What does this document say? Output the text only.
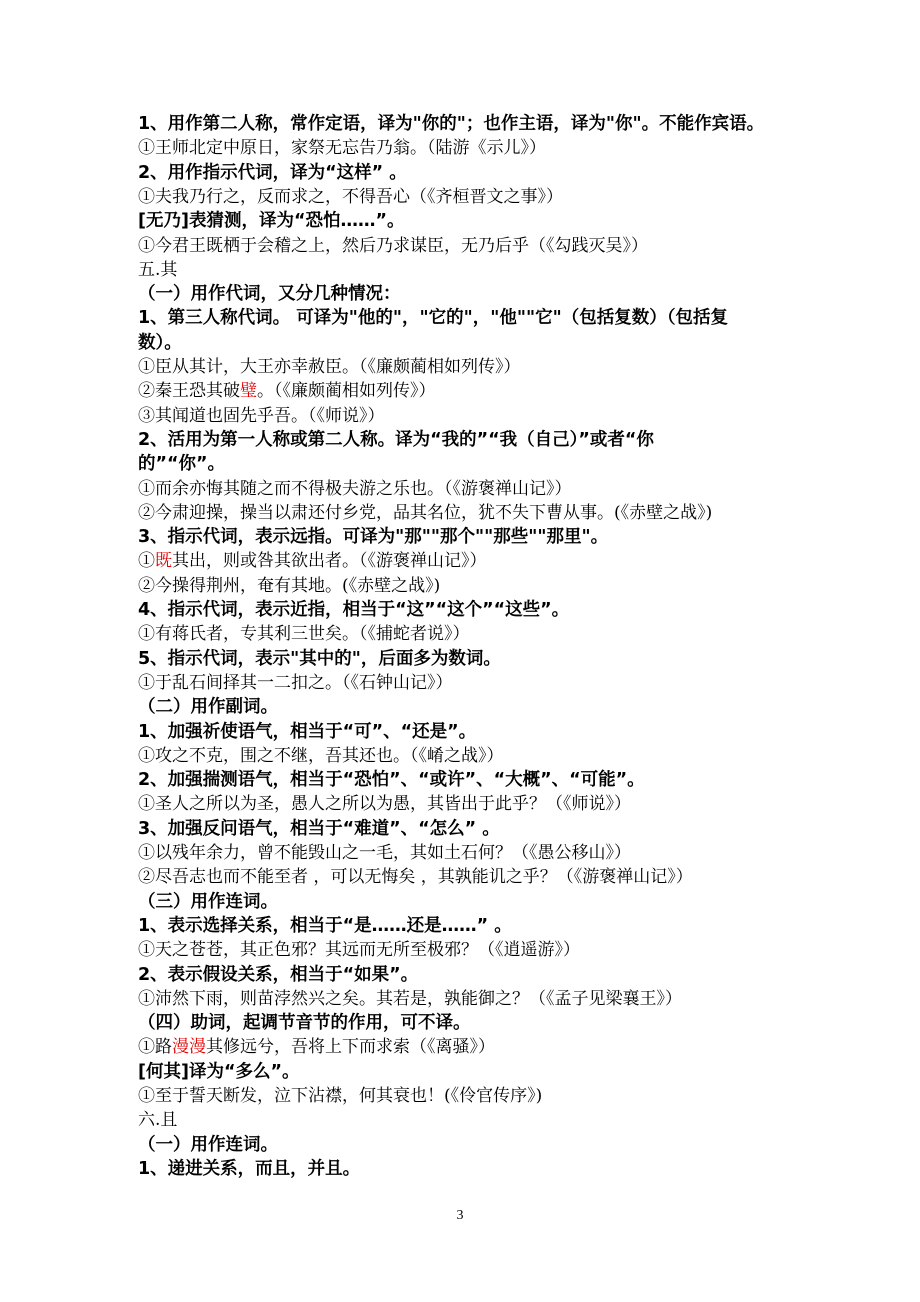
1、用作第二人称，常作定语，译为"你的"；也作主语，译为"你"。不能作宾语。
①王师北定中原日，家祭无忘告乃翁。（陆游《示儿》）
2、用作指示代词，译为“这样” 。
①夫我乃行之，反而求之，不得吾心（《齐桓晋文之事》）
[无乃]表猜测，译为“恐怕……”。
①今君王既栖于会稽之上，然后乃求谋臣，无乃后乎（《勾践灭吴》）
五.其
（一）用作代词，又分几种情况：
1、第三人称代词。 可译为"他的"，"它的"，"他""它"（包括复数）（包括复
数）。
①臣从其计，大王亦幸赦臣。（《廉颇蔺相如列传》）
②秦王恐其破璧。（《廉颇蔺相如列传》）
③其闻道也固先乎吾。（《师说》）
2、活用为第一人称或第二人称。译为“我的”“我（自己）”或者“你
的”“你”。
①而余亦悔其随之而不得极夫游之乐也。（《游褒禅山记》）
②今肃迎操，操当以肃还付乡党，品其名位，犹不失下曹从事。(《赤壁之战》)
3、指示代词，表示远指。可译为"那""那个""那些""那里"。
①既其出，则或咎其欲出者。（《游褒禅山记》）
②今操得荆州，奄有其地。(《赤壁之战》)
4、指示代词，表示近指，相当于“这”“这个”“这些”。
①有蒋氏者，专其利三世矣。（《捕蛇者说》）
5、指示代词，表示"其中的"，后面多为数词。
①于乱石间择其一二扣之。（《石钟山记》）
（二）用作副词。
1、加强祈使语气，相当于“可”、“还是”。
①攻之不克，围之不继，吾其还也。（《崤之战》）
2、加强揣测语气，相当于“恐怕”、“或许”、“大概”、“可能”。
①圣人之所以为圣，愚人之所以为愚，其皆出于此乎？（《师说》）
3、加强反问语气，相当于“难道”、“怎么” 。
①以残年余力，曾不能毁山之一毛，其如土石何？（《愚公移山》）
②尽吾志也而不能至者 ，可以无悔矣 ，其孰能讥之乎？（《游褒禅山记》）
（三）用作连词。
1、表示选择关系，相当于“是……还是……” 。
①天之苍苍，其正色邪？其远而无所至极邪？（《逍遥游》）
2、表示假设关系，相当于“如果”。
①沛然下雨，则苗浡然兴之矣。其若是，孰能御之？（《孟子见梁襄王》）
（四）助词，起调节音节的作用，可不译。
①路漫漫其修远兮，吾将上下而求索（《离骚》）
[何其]译为“多么”。
①至于誓天断发，泣下沾襟，何其衰也！(《伶官传序》)
六.且
（一）用作连词。
1、递进关系，而且，并且。
3
